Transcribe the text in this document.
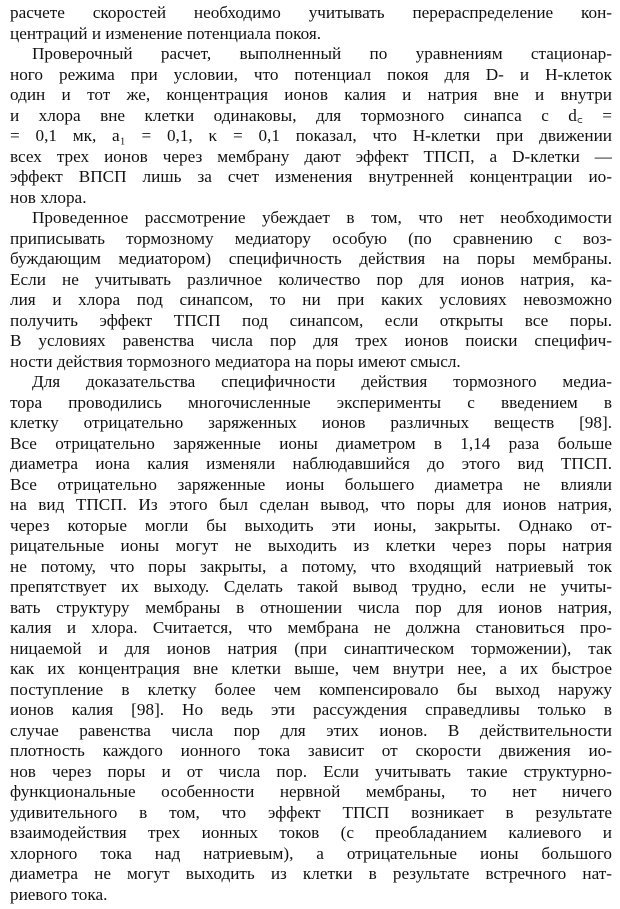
расчете скоростей необходимо учитывать перераспределение кон-
центраций и изменение потенциала покоя.
Проверочный расчет, выполненный по уравнениям стационар-
ного режима при условии, что потенциал покоя для D- и H-клеток
один и тот же, концентрация ионов калия и натрия вне и внутри
и хлора вне клетки одинаковы, для тормозного синапса с d꜀ =
= 0,1 мк, a₁ = 0,1, κ = 0,1 показал, что H-клетки при движении
всех трех ионов через мембрану дают эффект ТПСП, а D-клетки —
эффект ВПСП лишь за счет изменения внутренней концентрации ио-
нов хлора.
Проведенное рассмотрение убеждает в том, что нет необходимости
приписывать тормозному медиатору особую (по сравнению с воз-
буждающим медиатором) специфичность действия на поры мембраны.
Если не учитывать различное количество пор для ионов натрия, ка-
лия и хлора под синапсом, то ни при каких условиях невозможно
получить эффект ТПСП под синапсом, если открыты все поры.
В условиях равенства числа пор для трех ионов поиски специфич-
ности действия тормозного медиатора на поры имеют смысл.
Для доказательства специфичности действия тормозного медиа-
тора проводились многочисленные эксперименты с введением в
клетку отрицательно заряженных ионов различных веществ [98].
Все отрицательно заряженные ионы диаметром в 1,14 раза больше
диаметра иона калия изменяли наблюдавшийся до этого вид ТПСП.
Все отрицательно заряженные ионы большего диаметра не влияли
на вид ТПСП. Из этого был сделан вывод, что поры для ионов натрия,
через которые могли бы выходить эти ионы, закрыты. Однако от-
рицательные ионы могут не выходить из клетки через поры натрия
не потому, что поры закрыты, а потому, что входящий натриевый ток
препятствует их выходу. Сделать такой вывод трудно, если не учиты-
вать структуру мембраны в отношении числа пор для ионов натрия,
калия и хлора. Считается, что мембрана не должна становиться про-
ницаемой и для ионов натрия (при синаптическом торможении), так
как их концентрация вне клетки выше, чем внутри нее, а их быстрое
поступление в клетку более чем компенсировало бы выход наружу
ионов калия [98]. Но ведь эти рассуждения справедливы только в
случае равенства числа пор для этих ионов. В действительности
плотность каждого ионного тока зависит от скорости движения ио-
нов через поры и от числа пор. Если учитывать такие структурно-
функциональные особенности нервной мембраны, то нет ничего
удивительного в том, что эффект ТПСП возникает в результате
взаимодействия трех ионных токов (с преобладанием калиевого и
хлорного тока над натриевым), а отрицательные ионы большого
диаметра не могут выходить из клетки в результате встречного нат-
риевого тока.
